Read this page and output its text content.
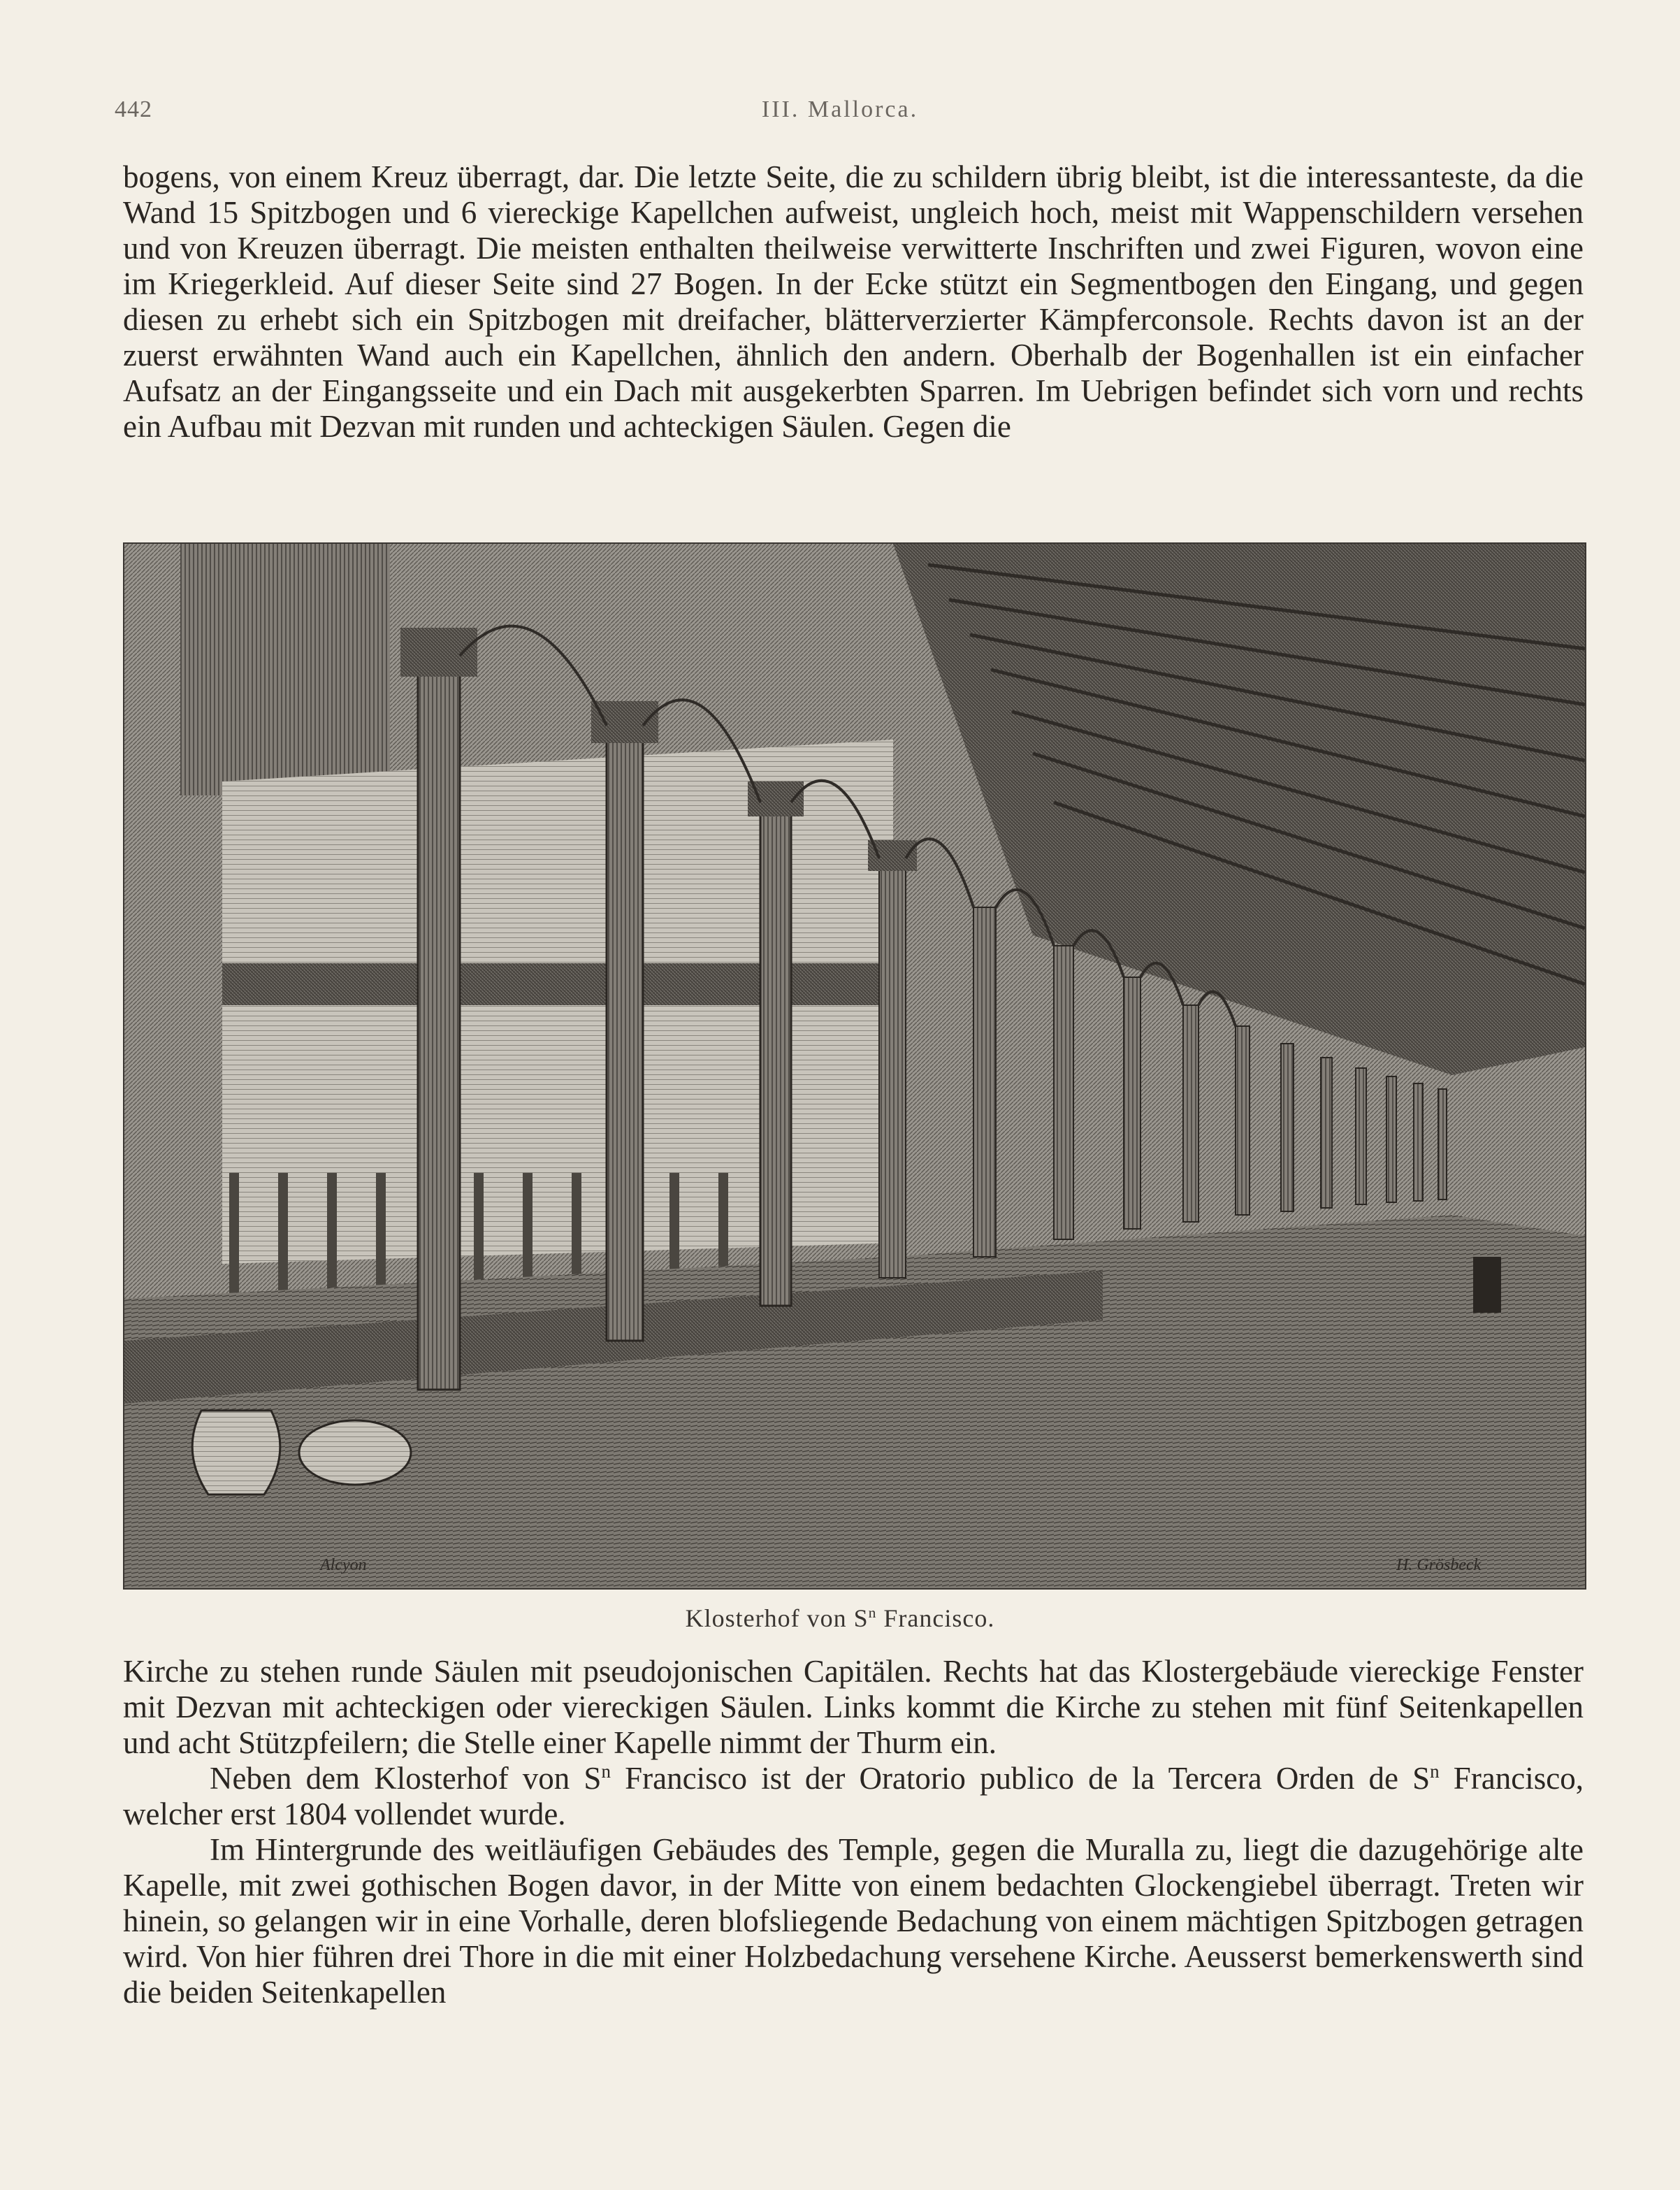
442	III. Mallorca.

bogens, von einem Kreuz überragt, dar. Die letzte Seite, die zu schildern übrig bleibt, ist die interessanteste, da die Wand 15 Spitzbogen und 6 viereckige Kapellchen aufweist, ungleich hoch, meist mit Wappenschildern versehen und von Kreuzen überragt. Die meisten enthalten theilweise verwitterte Inschriften und zwei Figuren, wovon eine im Kriegerkleid. Auf dieser Seite sind 27 Bogen. In der Ecke stützt ein Segmentbogen den Eingang, und gegen diesen zu erhebt sich ein Spitzbogen mit dreifacher, blätterverzierter Kämpferconsole. Rechts davon ist an der zuerst erwähnten Wand auch ein Kapellchen, ähnlich den andern. Oberhalb der Bogenhallen ist ein einfacher Aufsatz an der Eingangsseite und ein Dach mit ausgekerbten Sparren. Im Uebrigen befindet sich vorn und rechts ein Aufbau mit Dezvan mit runden und achteckigen Säulen. Gegen die

Alcyon	H. Grösbeck
Klosterhof von $S^n$ Francisco.

Kirche zu stehen runde Säulen mit pseudojonischen Capitälen. Rechts hat das Klostergebäude viereckige Fenster mit Dezvan mit achteckigen oder viereckigen Säulen. Links kommt die Kirche zu stehen mit fünf Seitenkapellen und acht Stützpfeilern; die Stelle einer Kapelle nimmt der Thurm ein.

Neben dem Klosterhof von $S^n$ Francisco ist der Oratorio publico de la Tercera Orden de $S^n$ Francisco, welcher erst 1804 vollendet wurde.

Im Hintergrunde des weitläufigen Gebäudes des Temple, gegen die Muralla zu, liegt die dazugehörige alte Kapelle, mit zwei gothischen Bogen davor, in der Mitte von einem bedachten Glockengiebel überragt. Treten wir hinein, so gelangen wir in eine Vorhalle, deren blofsliegende Bedachung von einem mächtigen Spitzbogen getragen wird. Von hier führen drei Thore in die mit einer Holzbedachung versehene Kirche. Aeusserst bemerkenswerth sind die beiden Seitenkapellen
